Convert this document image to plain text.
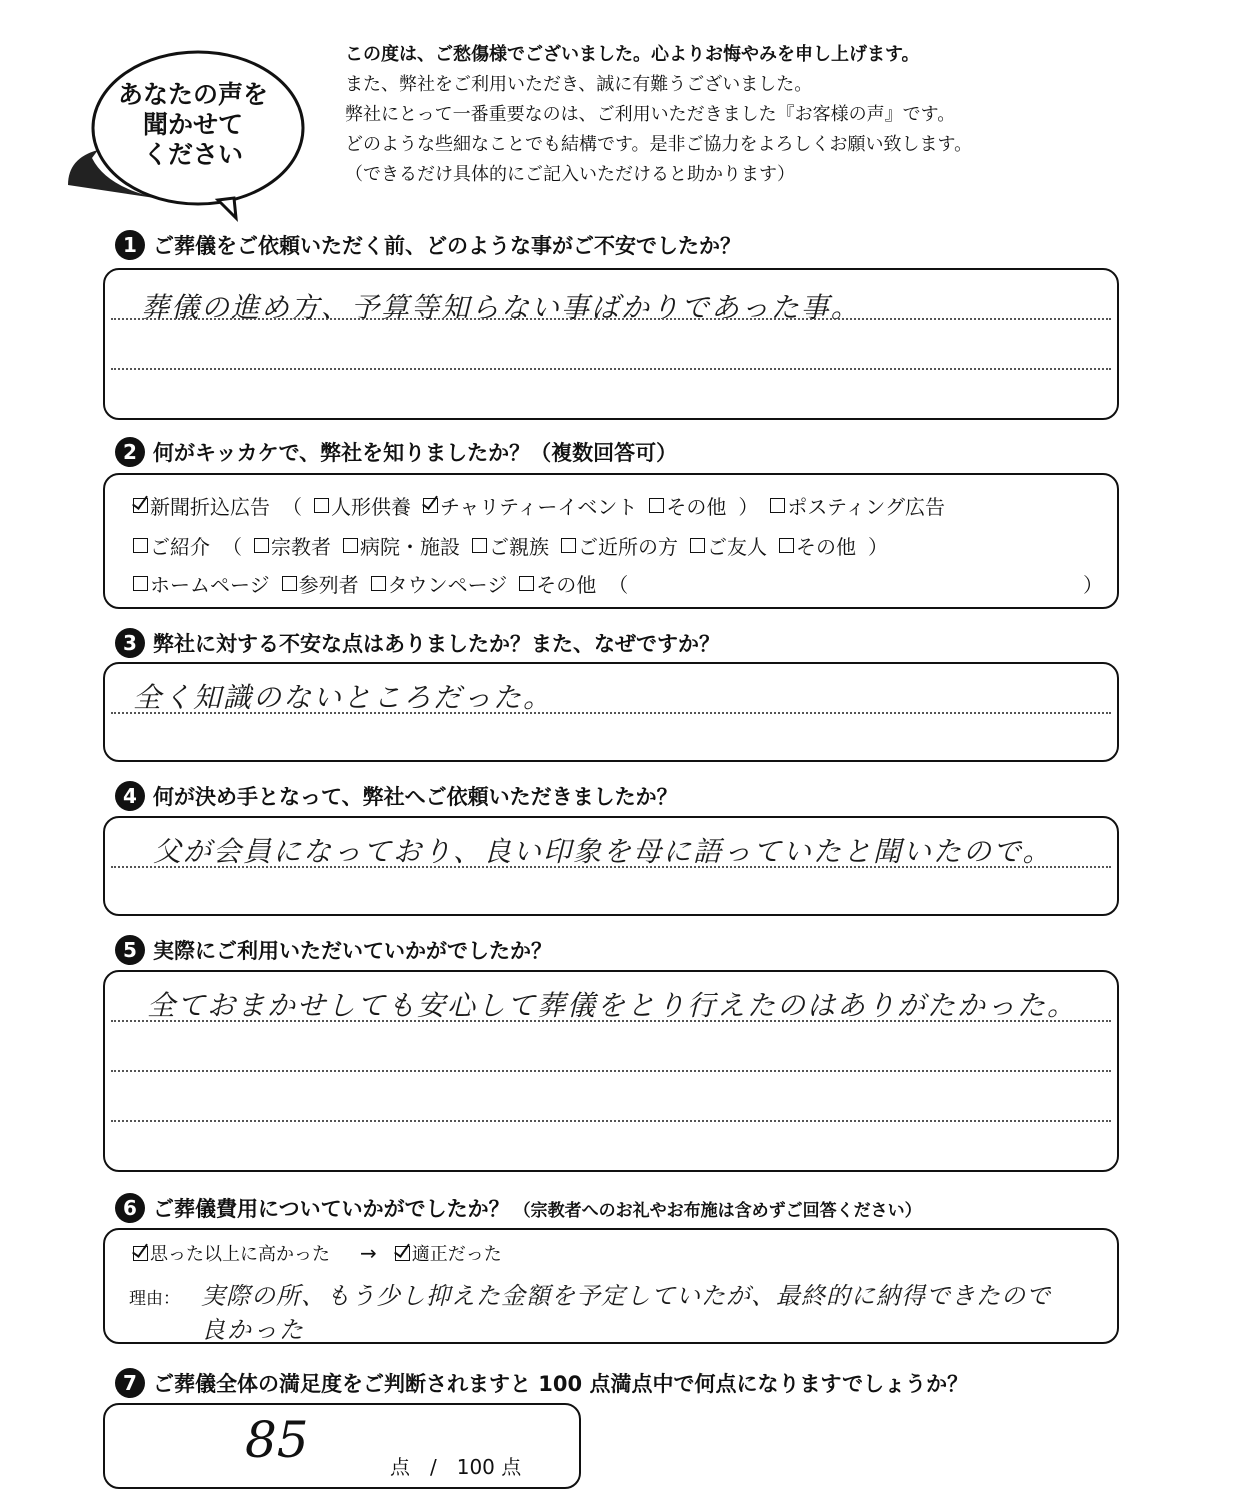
あなたの声を
聞かせて
ください
この度は、ご愁傷様でございました。心よりお悔やみを申し上げます。
また、弊社をご利用いただき、誠に有難うございました。
弊社にとって一番重要なのは、ご利用いただきました『お客様の声』です。
どのような些細なことでも結構です。是非ご協力をよろしくお願い致します。
（できるだけ具体的にご記入いただけると助かります）
1 ご葬儀をご依頼いただく前、どのような事がご不安でしたか？
葬儀の進め方、予算等知らない事ばかりであった事。
2 何がキッカケで、弊社を知りましたか？（複数回答可）
新聞折込広告 （ 人形供養 チャリティーイベント その他 ） ポスティング広告
ご紹介 （ 宗教者 病院・施設 ご親族 ご近所の方 ご友人 その他 ）
ホームページ 参列者 タウンページ その他 （	）
3 弊社に対する不安な点はありましたか？また、なぜですか？
全く知識のないところだった。
4 何が決め手となって、弊社へご依頼いただきましたか？
父が会員になっており、良い印象を母に語っていたと聞いたので。
5 実際にご利用いただいていかがでしたか？
全ておまかせしても安心して葬儀をとり行えたのはありがたかった。
6 ご葬儀費用についていかがでしたか？ （宗教者へのお礼やお布施は含めずご回答ください）
思った以上に高かった → 適正だった
理由： 実際の所、もう少し抑えた金額を予定していたが、最終的に納得できたので
良かった
7 ご葬儀全体の満足度をご判断されますと 100 点満点中で何点になりますでしょうか？
85	点　/　100 点
